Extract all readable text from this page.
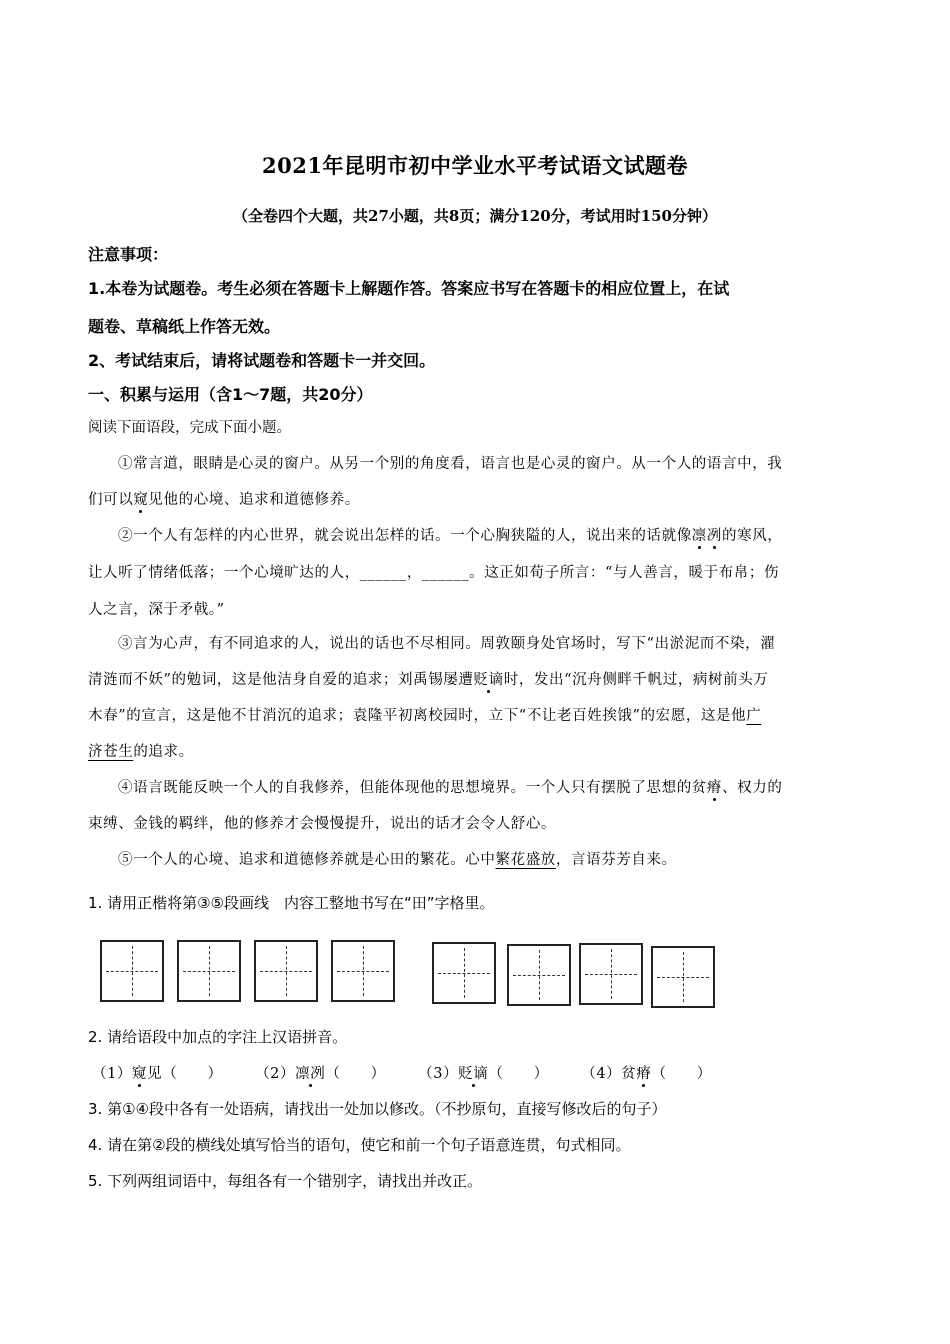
2021年昆明市初中学业水平考试语文试题卷
（全卷四个大题，共27小题，共8页；满分120分，考试用时150分钟）
注意事项：
1.本卷为试题卷。考生必须在答题卡上解题作答。答案应书写在答题卡的相应位置上，在试
题卷、草稿纸上作答无效。
2、考试结束后，请将试题卷和答题卡一并交回。
一、积累与运用（含1～7题，共20分）
阅读下面语段，完成下面小题。
①常言道，眼睛是心灵的窗户。从另一个别的角度看，语言也是心灵的窗户。从一个人的语言中，我
们可以窥见他的心境、追求和道德修养。
②一个人有怎样的内心世界，就会说出怎样的话。一个心胸狭隘的人，说出来的话就像凛冽的寒风，
让人听了情绪低落；一个心境旷达的人，______，______。这正如荀子所言：“与人善言，暖于布帛；伤
人之言，深于矛戟。”
③言为心声，有不同追求的人，说出的话也不尽相同。周敦颐身处官场时，写下“出淤泥而不染，濯
清涟而不妖”的勉词，这是他洁身自爱的追求；刘禹锡屡遭贬谪时，发出“沉舟侧畔千帆过，病树前头万
木春”的宣言，这是他不甘消沉的追求；袁隆平初离校园时，立下“不让老百姓挨饿”的宏愿，这是他广
济苍生的追求。
④语言既能反映一个人的自我修养，但能体现他的思想境界。一个人只有摆脱了思想的贫瘠、权力的
束缚、金钱的羁绊，他的修养才会慢慢提升，说出的话才会令人舒心。
⑤一个人的心境、追求和道德修养就是心田的繁花。心中繁花盛放，言语芬芳自来。
1. 请用正楷将第③⑤段画线　内容工整地书写在“田”字格里。
2. 请给语段中加点的字注上汉语拼音。
（1）窥见（　　） （2）凛冽（　　） （3）贬谪（　　） （4）贫瘠（　　）
3. 第①④段中各有一处语病，请找出一处加以修改。（不抄原句，直接写修改后的句子）
4. 请在第②段的横线处填写恰当的语句，使它和前一个句子语意连贯，句式相同。
5. 下列两组词语中，每组各有一个错别字，请找出并改正。
